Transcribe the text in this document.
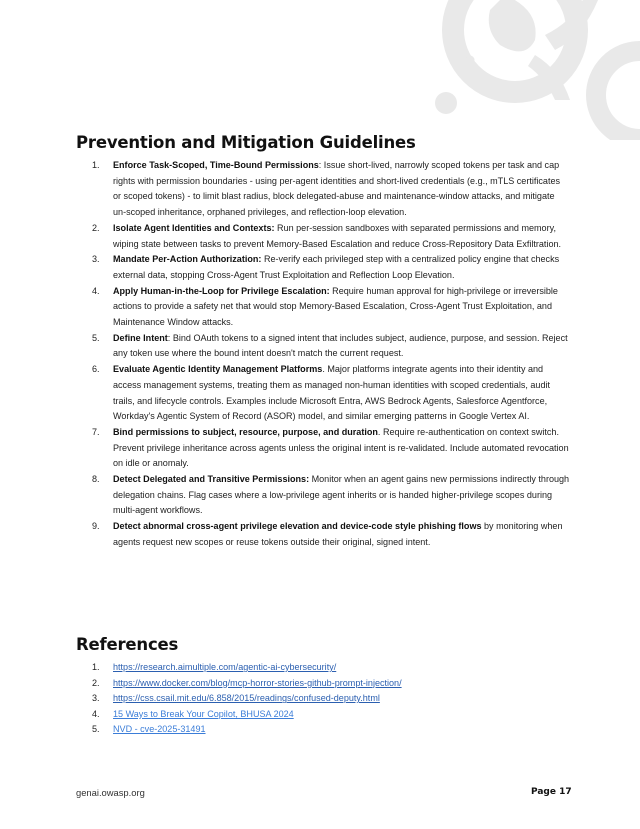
Prevention and Mitigation Guidelines
1. Enforce Task-Scoped, Time-Bound Permissions: Issue short-lived, narrowly scoped tokens per task and cap rights with permission boundaries - using per-agent identities and short-lived credentials (e.g., mTLS certificates or scoped tokens) - to limit blast radius, block delegated-abuse and maintenance-window attacks, and mitigate un-scoped inheritance, orphaned privileges, and reflection-loop elevation.
2. Isolate Agent Identities and Contexts: Run per-session sandboxes with separated permissions and memory, wiping state between tasks to prevent Memory-Based Escalation and reduce Cross-Repository Data Exfiltration.
3. Mandate Per-Action Authorization: Re-verify each privileged step with a centralized policy engine that checks external data, stopping Cross-Agent Trust Exploitation and Reflection Loop Elevation.
4. Apply Human-in-the-Loop for Privilege Escalation: Require human approval for high-privilege or irreversible actions to provide a safety net that would stop Memory-Based Escalation, Cross-Agent Trust Exploitation, and Maintenance Window attacks.
5. Define Intent: Bind OAuth tokens to a signed intent that includes subject, audience, purpose, and session. Reject any token use where the bound intent doesn't match the current request.
6. Evaluate Agentic Identity Management Platforms. Major platforms integrate agents into their identity and access management systems, treating them as managed non-human identities with scoped credentials, audit trails, and lifecycle controls. Examples include Microsoft Entra, AWS Bedrock Agents, Salesforce Agentforce, Workday's Agentic System of Record (ASOR) model, and similar emerging patterns in Google Vertex AI.
7. Bind permissions to subject, resource, purpose, and duration. Require re-authentication on context switch. Prevent privilege inheritance across agents unless the original intent is re-validated. Include automated revocation on idle or anomaly.
8. Detect Delegated and Transitive Permissions: Monitor when an agent gains new permissions indirectly through delegation chains. Flag cases where a low-privilege agent inherits or is handed higher-privilege scopes during multi-agent workflows.
9. Detect abnormal cross-agent privilege elevation and device-code style phishing flows by monitoring when agents request new scopes or reuse tokens outside their original, signed intent.
References
1. https://research.aimultiple.com/agentic-ai-cybersecurity/
2. https://www.docker.com/blog/mcp-horror-stories-github-prompt-injection/
3. https://css.csail.mit.edu/6.858/2015/readings/confused-deputy.html
4. 15 Ways to Break Your Copilot, BHUSA 2024
5. NVD - cve-2025-31491
genai.owasp.org	Page 17
